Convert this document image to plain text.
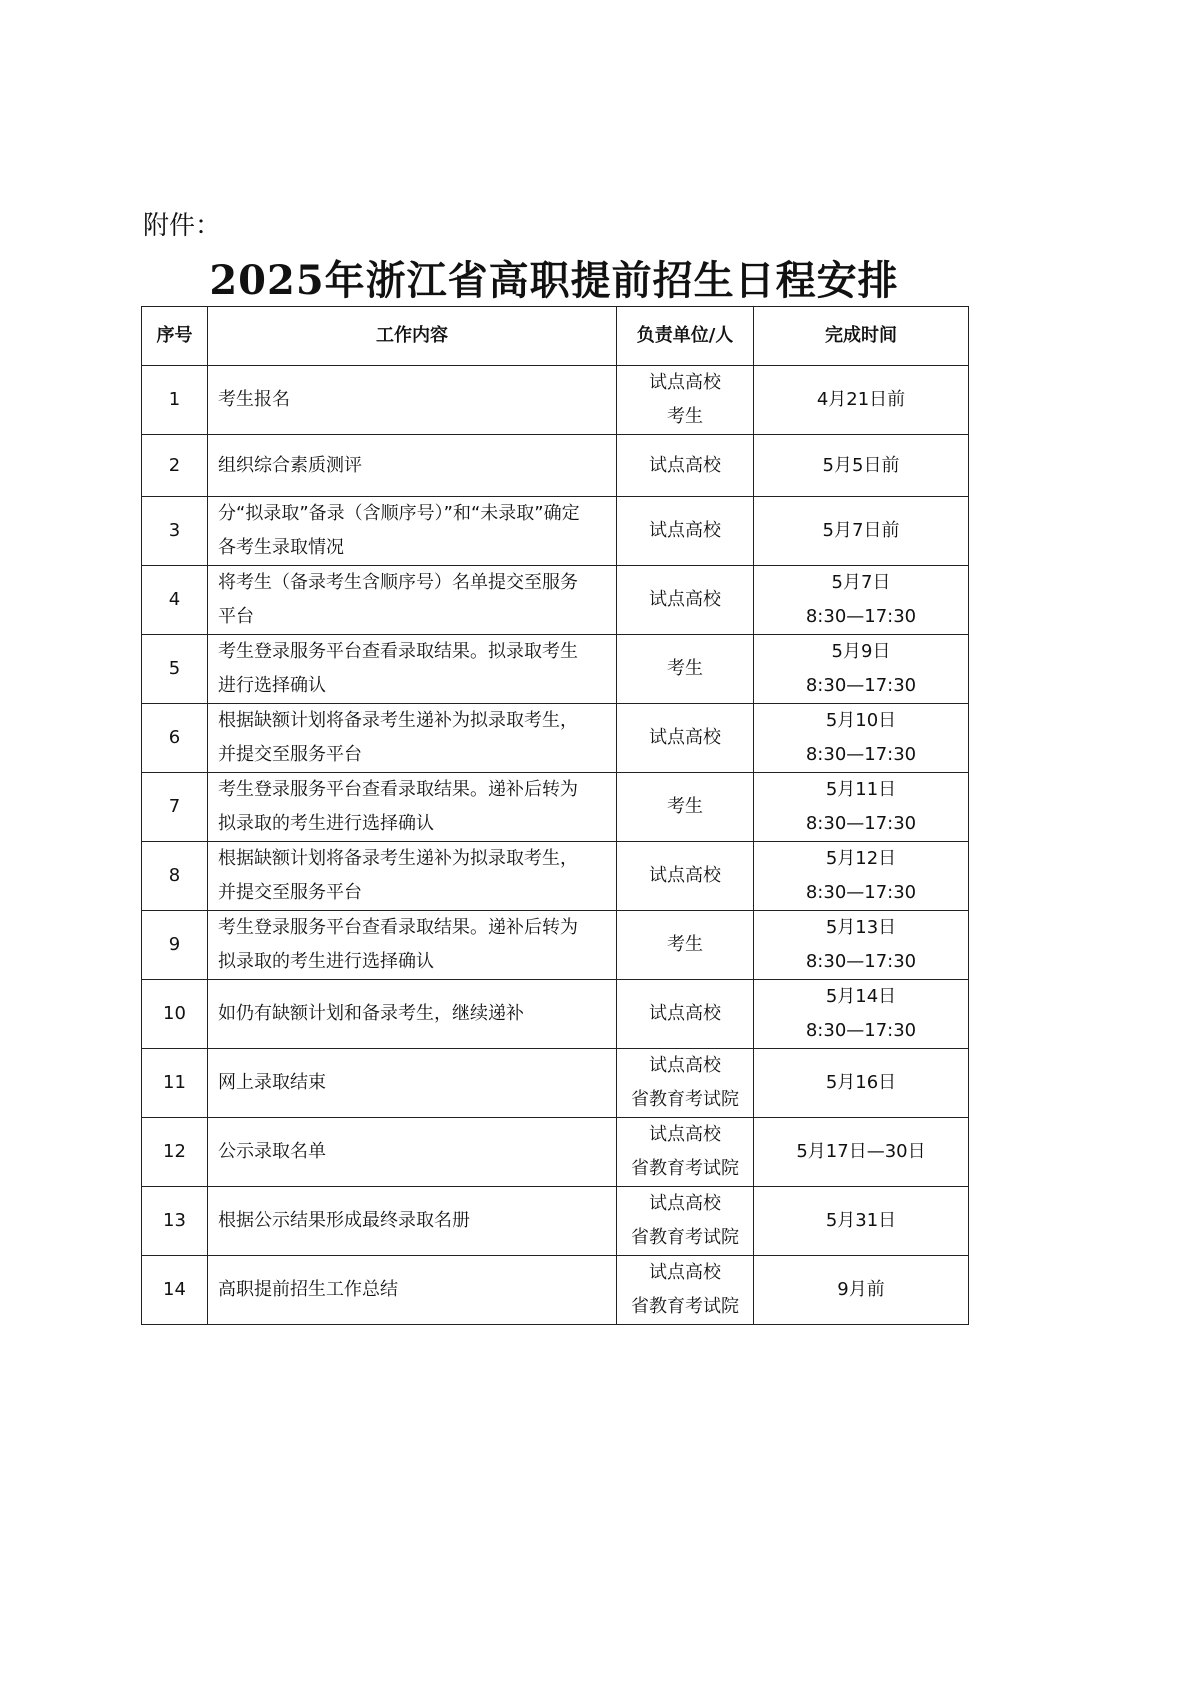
附件：
2025年浙江省高职提前招生日程安排
序号	工作内容	负责单位/人	完成时间
1	考生报名	试点高校
考生	4月21日前

2	组织综合素质测评	试点高校	5月5日前

3	分“拟录取”备录（含顺序号）”和“未录取”确定
各考生录取情况	试点高校	5月7日前

4	将考生（备录考生含顺序号）名单提交至服务
平台	试点高校	5月7日
8:30—17:30

5	考生登录服务平台查看录取结果。拟录取考生
进行选择确认	考生	5月9日
8:30—17:30

6	根据缺额计划将备录考生递补为拟录取考生，
并提交至服务平台	试点高校	5月10日
8:30—17:30

7	考生登录服务平台查看录取结果。递补后转为
拟录取的考生进行选择确认	考生	5月11日
8:30—17:30

8	根据缺额计划将备录考生递补为拟录取考生，
并提交至服务平台	试点高校	5月12日
8:30—17:30

9	考生登录服务平台查看录取结果。递补后转为
拟录取的考生进行选择确认	考生	5月13日
8:30—17:30

10	如仍有缺额计划和备录考生，继续递补	试点高校	5月14日
8:30—17:30

11	网上录取结束	试点高校
省教育考试院	5月16日

12	公示录取名单	试点高校
省教育考试院	5月17日—30日

13	根据公示结果形成最终录取名册	试点高校
省教育考试院	5月31日

14	高职提前招生工作总结	试点高校
省教育考试院	9月前
